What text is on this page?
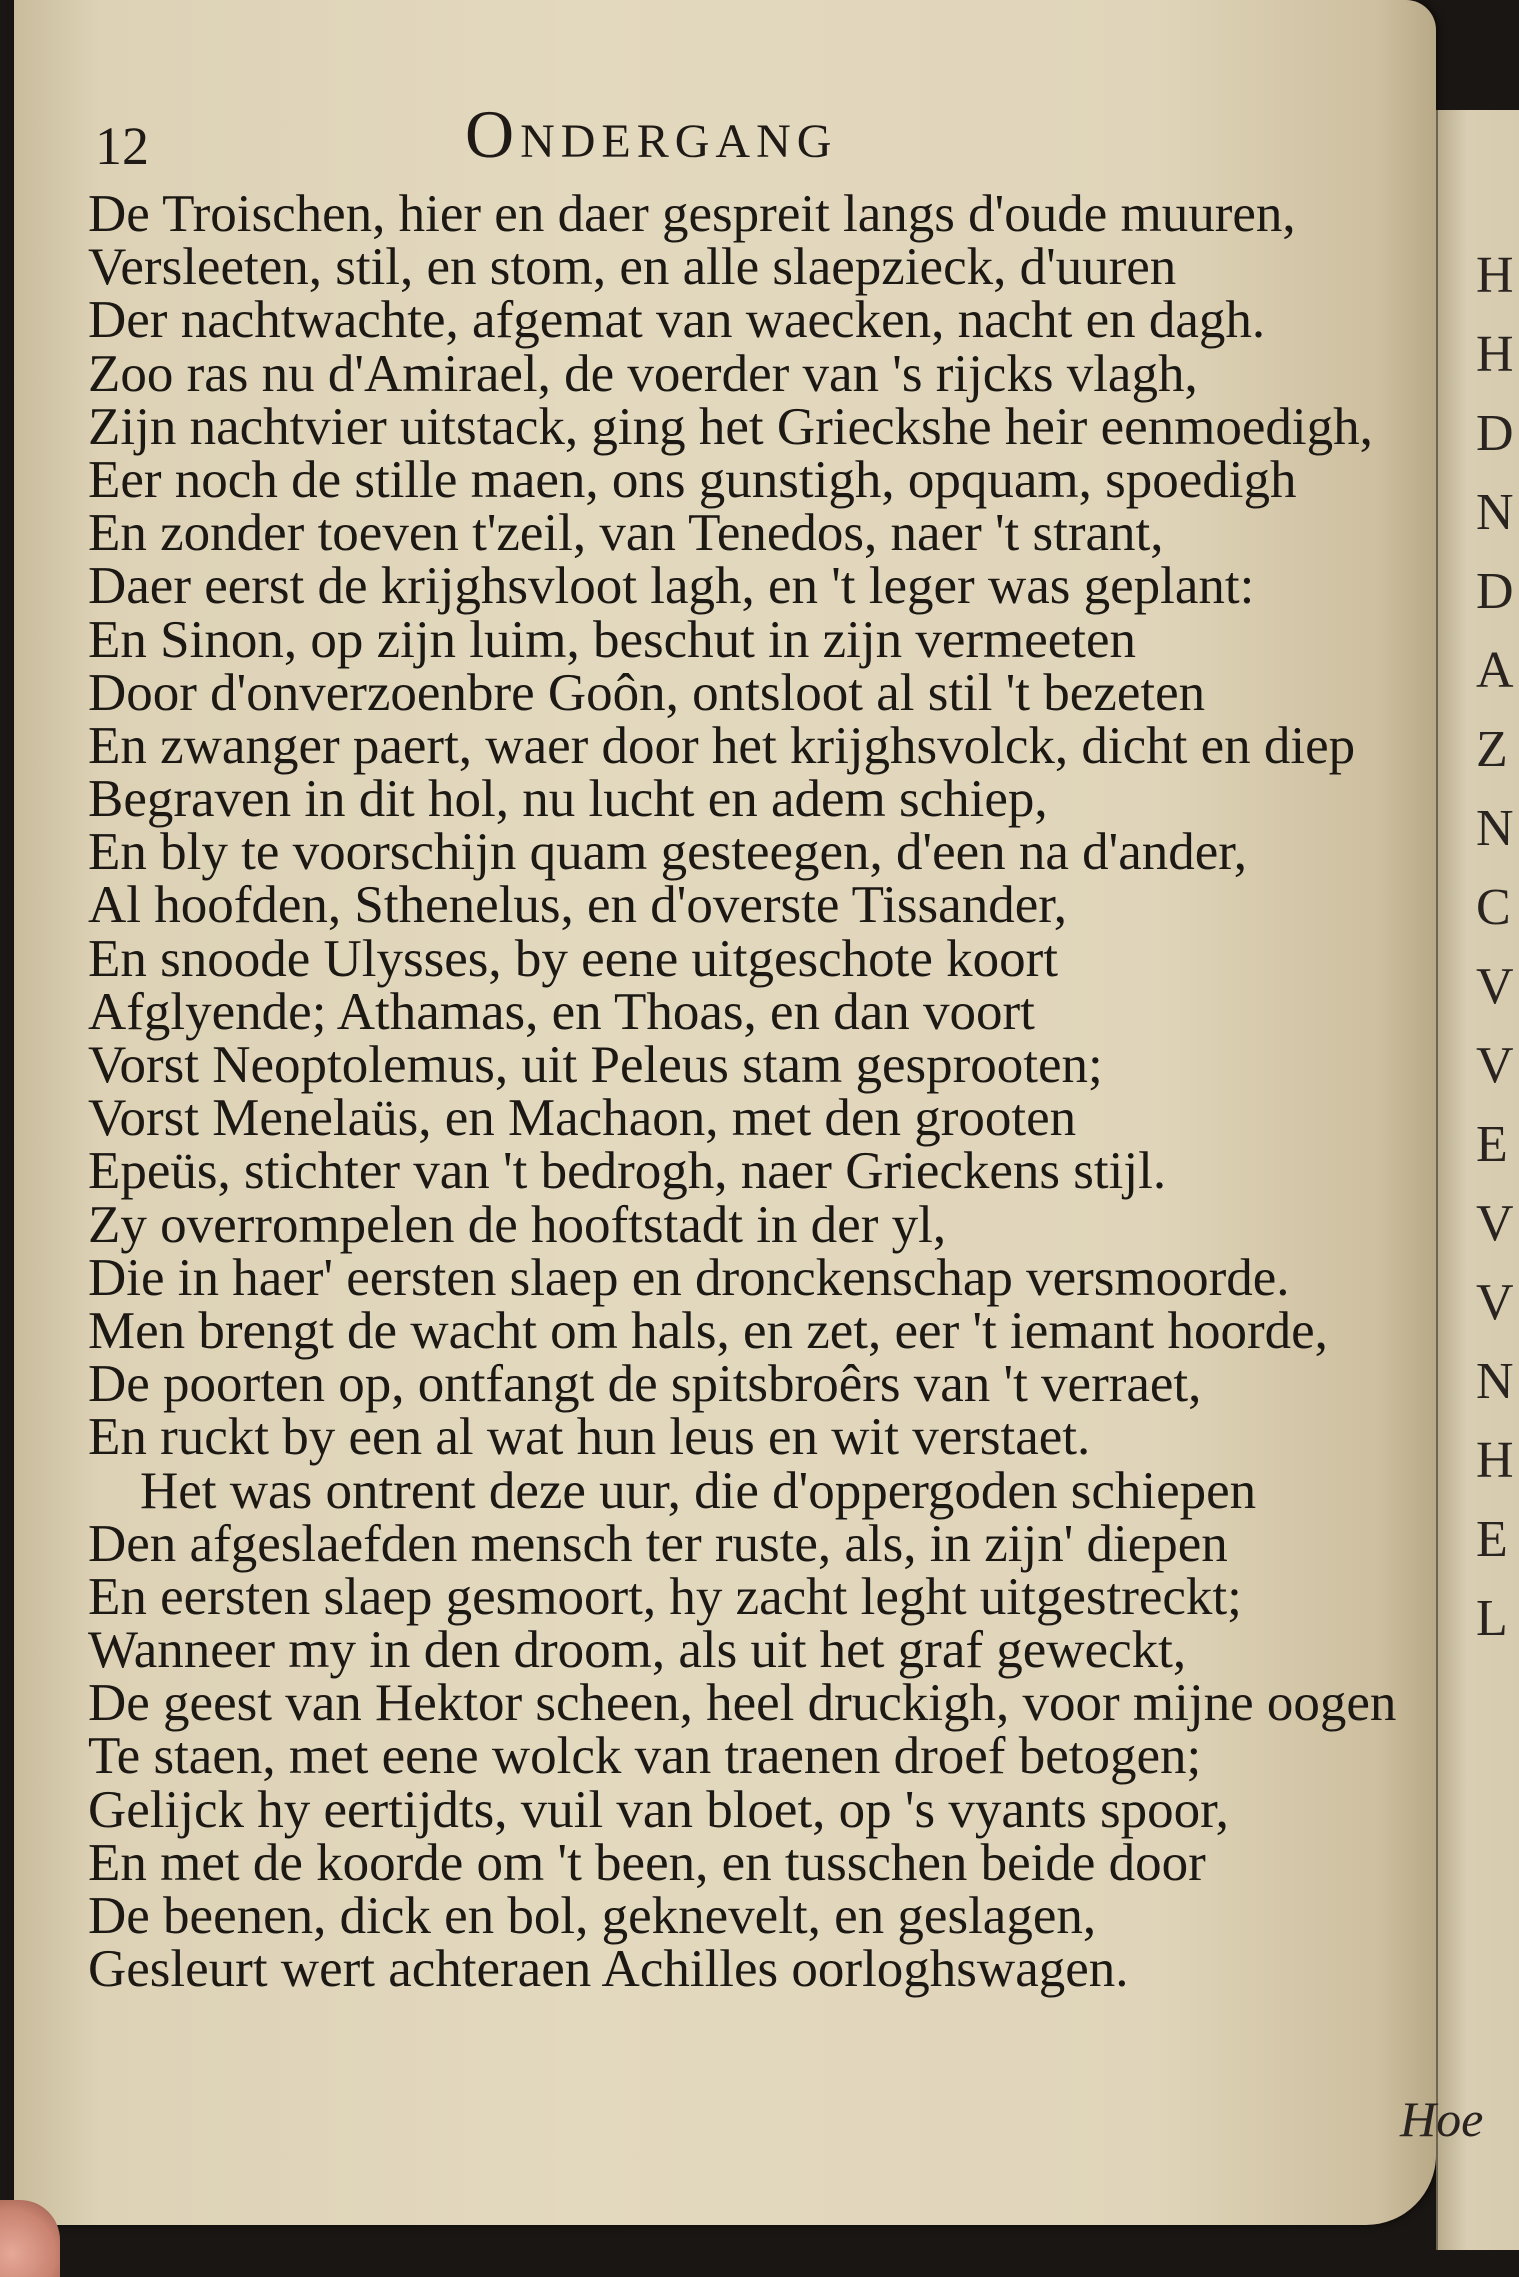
H
H
D
N
D
A
Z
N
C
V
V
E
V
V
N
H
E
L
Hoe
12	Ondergang
De Troischen, hier en daer gespreit langs d'oude muuren,
Versleeten, stil, en stom, en alle slaepzieck, d'uuren
Der nachtwachte, afgemat van waecken, nacht en dagh.
Zoo ras nu d'Amirael, de voerder van 's rijcks vlagh,
Zijn nachtvier uitstack, ging het Grieckshe heir eenmoedigh,
Eer noch de stille maen, ons gunstigh, opquam, spoedigh
En zonder toeven t'zeil, van Tenedos, naer 't strant,
Daer eerst de krijghsvloot lagh, en 't leger was geplant:
En Sinon, op zijn luim, beschut in zijn vermeeten
Door d'onverzoenbre Goôn, ontsloot al stil 't bezeten
En zwanger paert, waer door het krijghsvolck, dicht en diep
Begraven in dit hol, nu lucht en adem schiep,
En bly te voorschijn quam gesteegen, d'een na d'ander,
Al hoofden, Sthenelus, en d'overste Tissander,
En snoode Ulysses, by eene uitgeschote koort
Afglyende; Athamas, en Thoas, en dan voort
Vorst Neoptolemus, uit Peleus stam gesprooten;
Vorst Menelaüs, en Machaon, met den grooten
Epeüs, stichter van 't bedrogh, naer Grieckens stijl.
Zy overrompelen de hooftstadt in der yl,
Die in haer' eersten slaep en dronckenschap versmoorde.
Men brengt de wacht om hals, en zet, eer 't iemant hoorde,
De poorten op, ontfangt de spitsbroêrs van 't verraet,
En ruckt by een al wat hun leus en wit verstaet.
Het was ontrent deze uur, die d'oppergoden schiepen
Den afgeslaefden mensch ter ruste, als, in zijn' diepen
En eersten slaep gesmoort, hy zacht leght uitgestreckt;
Wanneer my in den droom, als uit het graf geweckt,
De geest van Hektor scheen, heel druckigh, voor mijne oogen
Te staen, met eene wolck van traenen droef betogen;
Gelijck hy eertijdts, vuil van bloet, op 's vyants spoor,
En met de koorde om 't been, en tusschen beide door
De beenen, dick en bol, geknevelt, en geslagen,
Gesleurt wert achteraen Achilles oorloghswagen.
